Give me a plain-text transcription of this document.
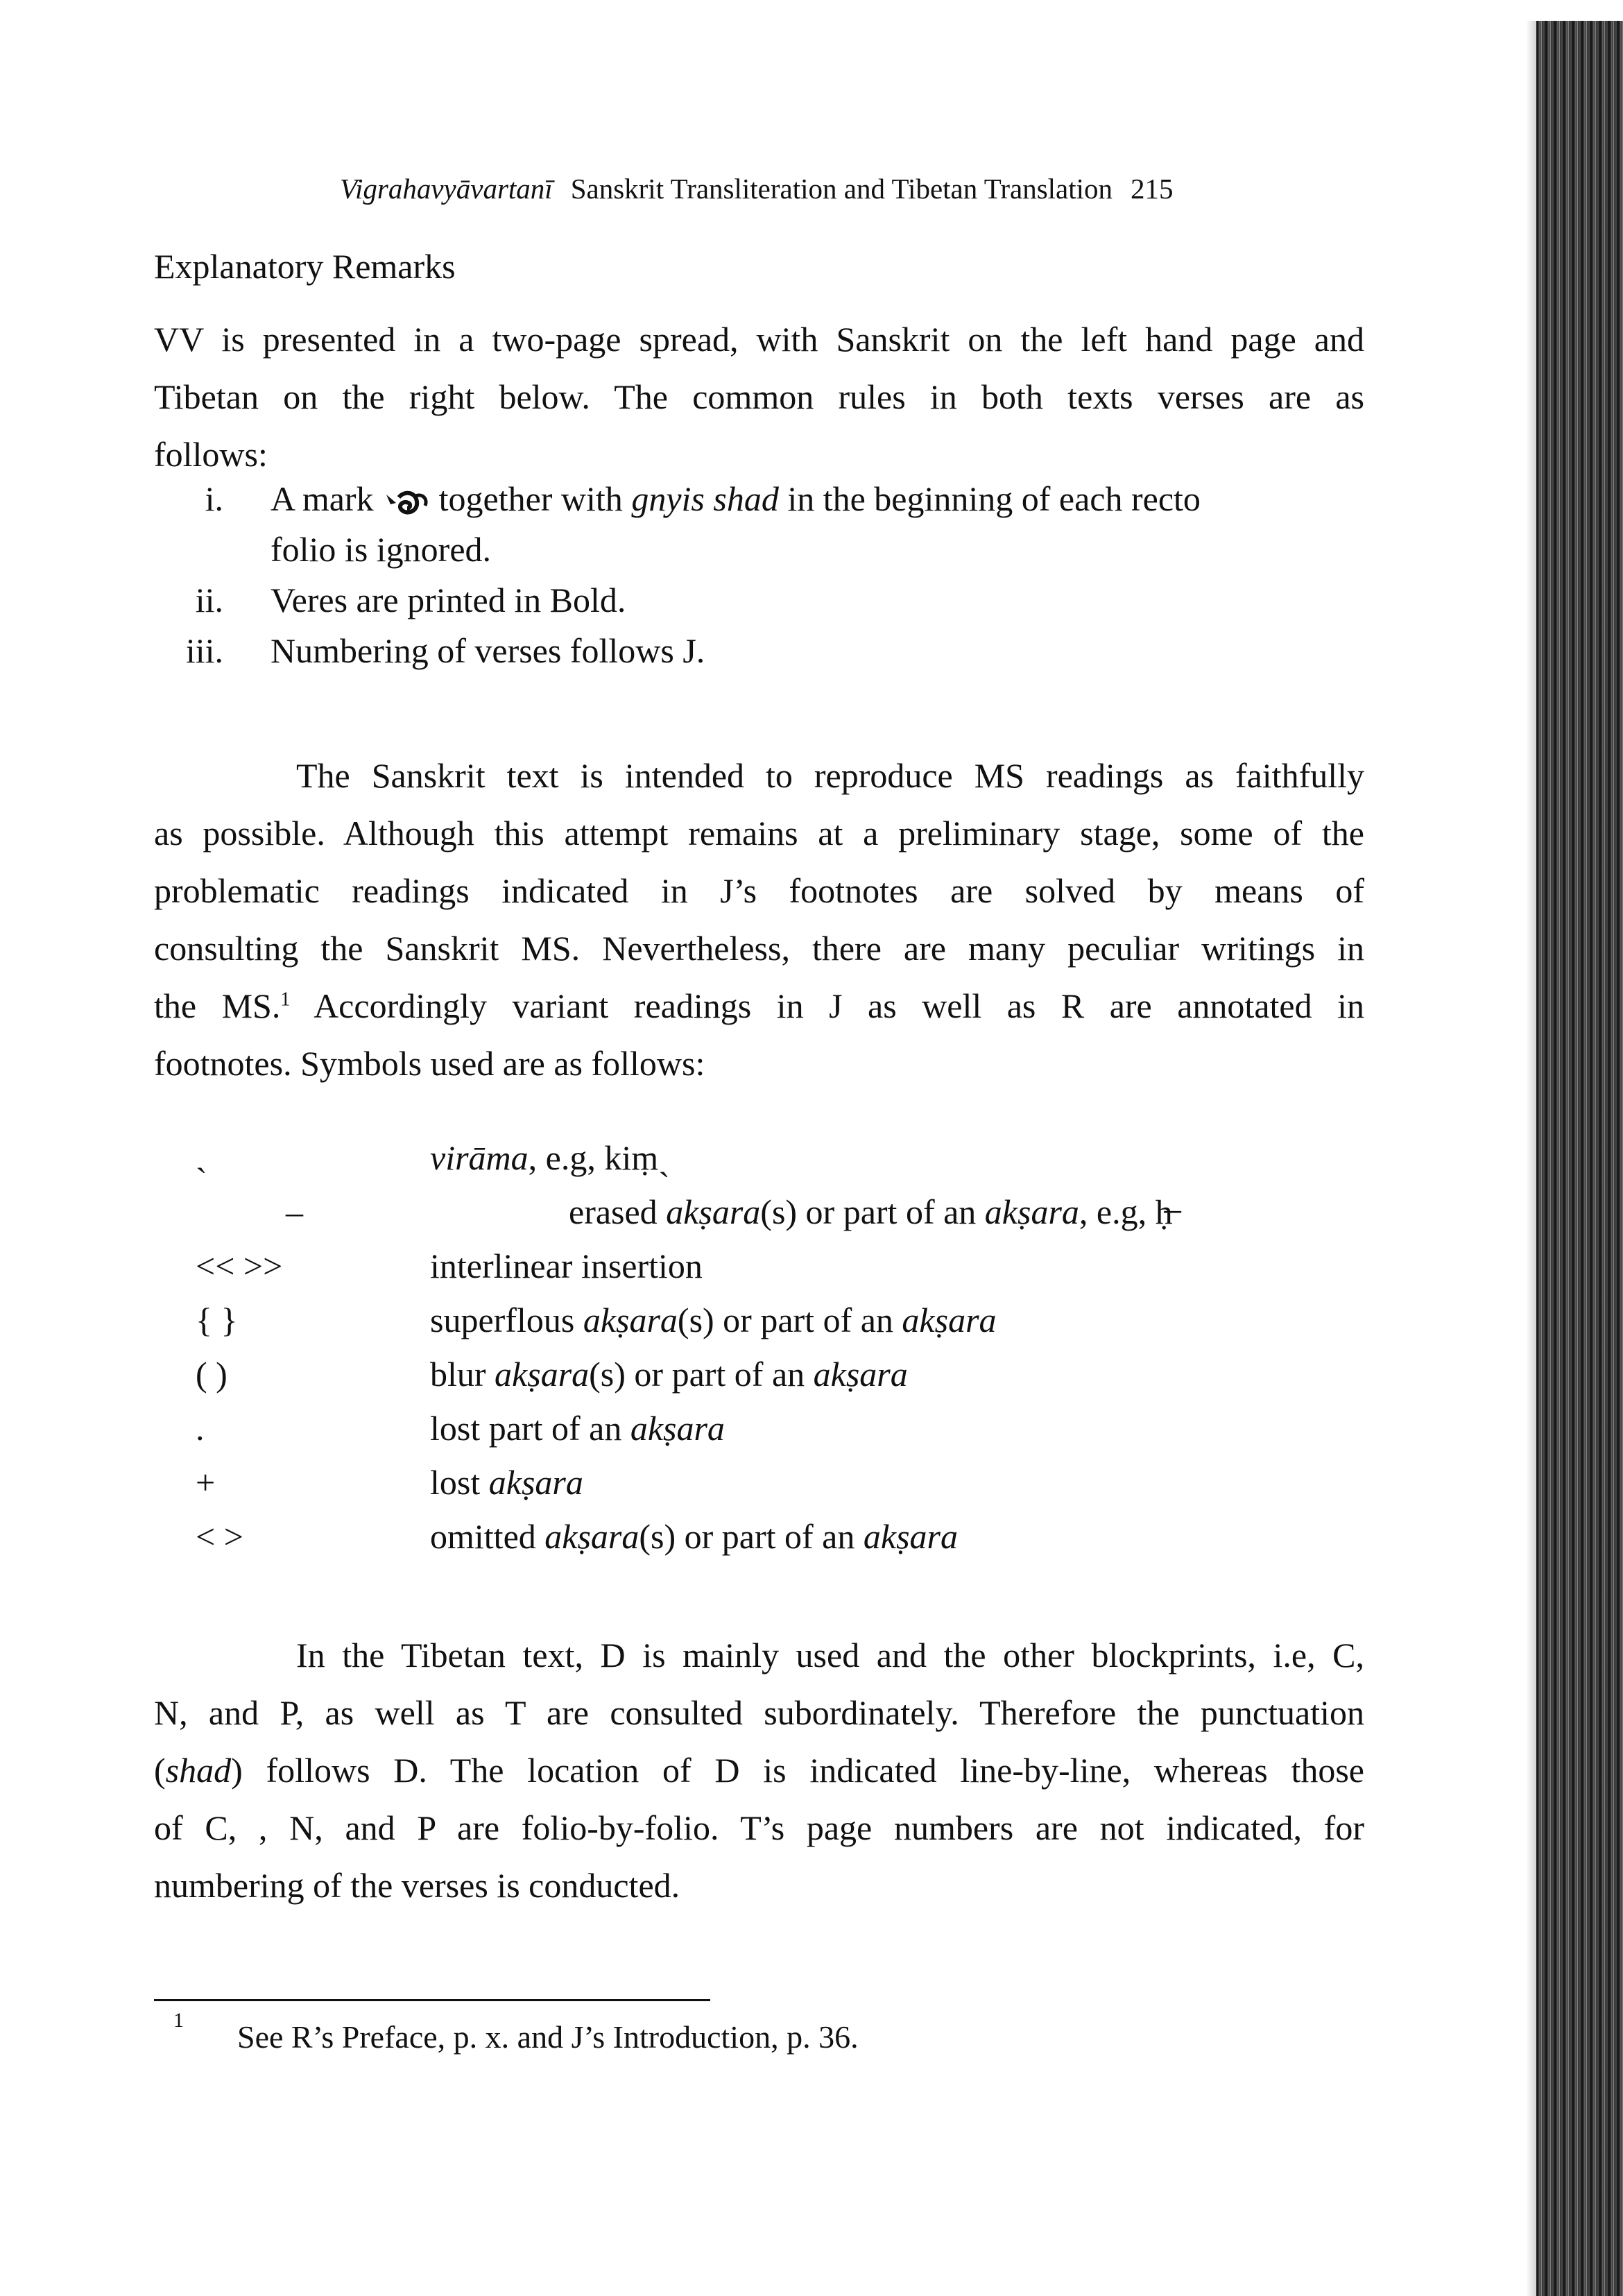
Vigrahavyāvartanī Sanskrit Transliteration and Tibetan Translation 215
Explanatory Remarks
VV is presented in a two-page spread, with Sanskrit on the left hand page and
Tibetan on the right below. The common rules in both texts verses are as
follows:
i. A mark together with gnyis shad in the beginning of each recto
folio is ignored.
ii. Veres are printed in Bold.
iii. Numbering of verses follows J.
The Sanskrit text is intended to reproduce MS readings as faithfully
as possible. Although this attempt remains at a preliminary stage, some of the
problematic readings indicated in J’s footnotes are solved by means of
consulting the Sanskrit MS. Nevertheless, there are many peculiar writings in
the MS.$^1$ Accordingly variant readings in J as well as R are annotated in
footnotes. Symbols used are as follows:
ˎ	virāma, e.g, kiṃˎ
–	erased akṣara(s) or part of an akṣara, e.g, ḥ̶
<< >>	interlinear insertion
{ }	superflous akṣara(s) or part of an akṣara
( )	blur akṣara(s) or part of an akṣara
.	lost part of an akṣara
+	lost akṣara
< >	omitted akṣara(s) or part of an akṣara
In the Tibetan text, D is mainly used and the other blockprints, i.e, C,
N, and P, as well as T are consulted subordinately. Therefore the punctuation
(shad) follows D. The location of D is indicated line-by-line, whereas those
of C, , N, and P are folio-by-folio. T’s page numbers are not indicated, for
numbering of the verses is conducted.
1 See R’s Preface, p. x. and J’s Introduction, p. 36.
